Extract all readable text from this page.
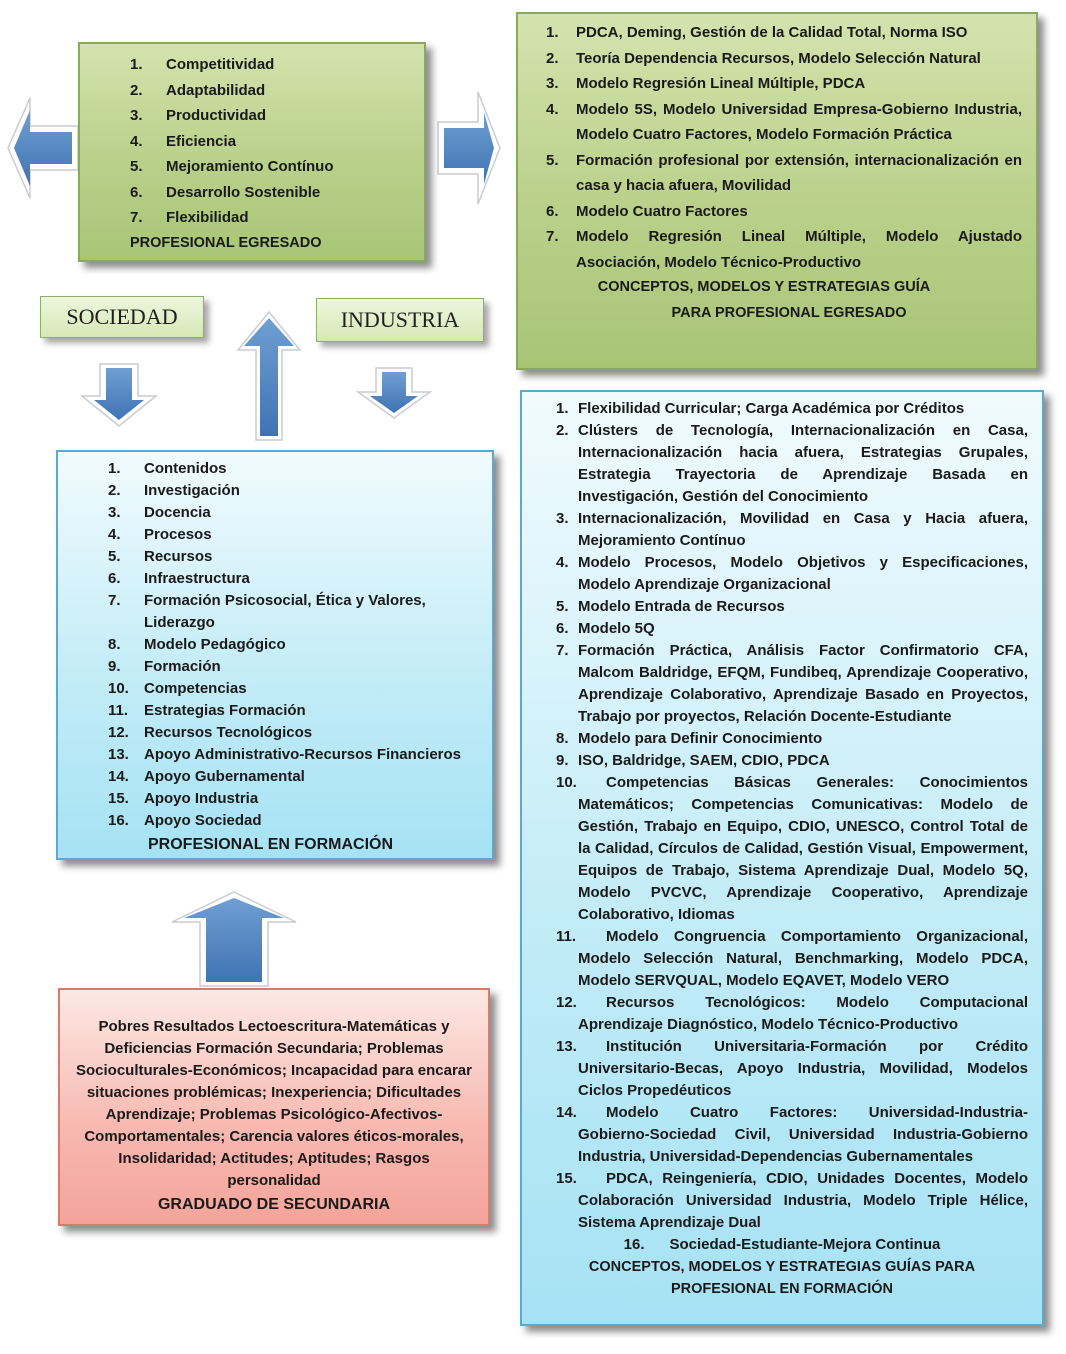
1.	Competitividad
2.	Adaptabilidad
3.	Productividad
4.	Eficiencia
5.	Mejoramiento Contínuo
6.	Desarrollo Sostenible
7.	Flexibilidad
PROFESIONAL EGRESADO
1.	PDCA, Deming, Gestión de la Calidad Total, Norma ISO
2.	Teoría Dependencia Recursos, Modelo Selección Natural
3.	Modelo Regresión Lineal Múltiple, PDCA
4.	Modelo 5S, Modelo Universidad Empresa-Gobierno Industria, Modelo Cuatro Factores, Modelo Formación Práctica
5.	Formación profesional por extensión, internacionalización en casa y hacia afuera, Movilidad
6.	Modelo Cuatro Factores
7.	Modelo Regresión Lineal Múltiple, Modelo Ajustado Asociación, Modelo Técnico-Productivo
CONCEPTOS, MODELOS Y ESTRATEGIAS GUÍA
PARA PROFESIONAL EGRESADO
SOCIEDAD	INDUSTRIA
1.	Contenidos
2.	Investigación
3.	Docencia
4.	Procesos
5.	Recursos
6.	Infraestructura
7.	Formación Psicosocial, Ética y Valores, Liderazgo
8.	Modelo Pedagógico
9.	Formación
10.	Competencias
11.	Estrategias Formación
12.	Recursos Tecnológicos
13.	Apoyo Administrativo-Recursos Financieros
14.	Apoyo Gubernamental
15.	Apoyo Industria
16.	Apoyo Sociedad
PROFESIONAL EN FORMACIÓN
1. Flexibilidad Curricular; Carga Académica por Créditos
2. Clústers de Tecnología, Internacionalización en Casa, Internacionalización hacia afuera, Estrategias Grupales, Estrategia Trayectoria de Aprendizaje Basada en Investigación, Gestión del Conocimiento
3. Internacionalización, Movilidad en Casa y Hacia afuera, Mejoramiento Contínuo
4. Modelo Procesos, Modelo Objetivos y Especificaciones, Modelo Aprendizaje Organizacional
5. Modelo Entrada de Recursos
6. Modelo 5Q
7. Formación Práctica, Análisis Factor Confirmatorio CFA, Malcom Baldridge, EFQM, Fundibeq, Aprendizaje Cooperativo, Aprendizaje Colaborativo, Aprendizaje Basado en Proyectos, Trabajo por proyectos, Relación Docente-Estudiante
8. Modelo para Definir Conocimiento
9. ISO, Baldridge, SAEM, CDIO, PDCA
10.	Competencias Básicas Generales: Conocimientos
Matemáticos; Competencias Comunicativas: Modelo de Gestión, Trabajo en Equipo, CDIO, UNESCO, Control Total de la Calidad, Círculos de Calidad, Gestión Visual, Empowerment, Equipos de Trabajo, Sistema Aprendizaje Dual, Modelo 5Q, Modelo PVCVC, Aprendizaje Cooperativo, Aprendizaje Colaborativo, Idiomas
11.	Modelo Congruencia Comportamiento Organizacional,
Modelo Selección Natural, Benchmarking, Modelo PDCA, Modelo SERVQUAL, Modelo EQAVET, Modelo VERO
12.	Recursos Tecnológicos: Modelo Computacional
Aprendizaje Diagnóstico, Modelo Técnico-Productivo
13.	Institución Universitaria-Formación por Crédito
Universitario-Becas, Apoyo Industria, Movilidad, Modelos Ciclos Propedéuticos
14.	Modelo Cuatro Factores: Universidad-Industria-
Gobierno-Sociedad Civil, Universidad Industria-Gobierno Industria, Universidad-Dependencias Gubernamentales
15.	PDCA, Reingeniería, CDIO, Unidades Docentes, Modelo
Colaboración Universidad Industria, Modelo Triple Hélice, Sistema Aprendizaje Dual
16.      Sociedad-Estudiante-Mejora Continua
CONCEPTOS, MODELOS Y ESTRATEGIAS GUÍAS PARA
PROFESIONAL EN FORMACIÓN
Pobres Resultados Lectoescritura-Matemáticas y Deficiencias Formación Secundaria; Problemas Socioculturales-Económicos; Incapacidad para encarar situaciones problémicas; Inexperiencia; Dificultades Aprendizaje; Problemas Psicológico-Afectivos-Comportamentales; Carencia valores éticos-morales, Insolidaridad; Actitudes; Aptitudes; Rasgos personalidad
GRADUADO DE SECUNDARIA
